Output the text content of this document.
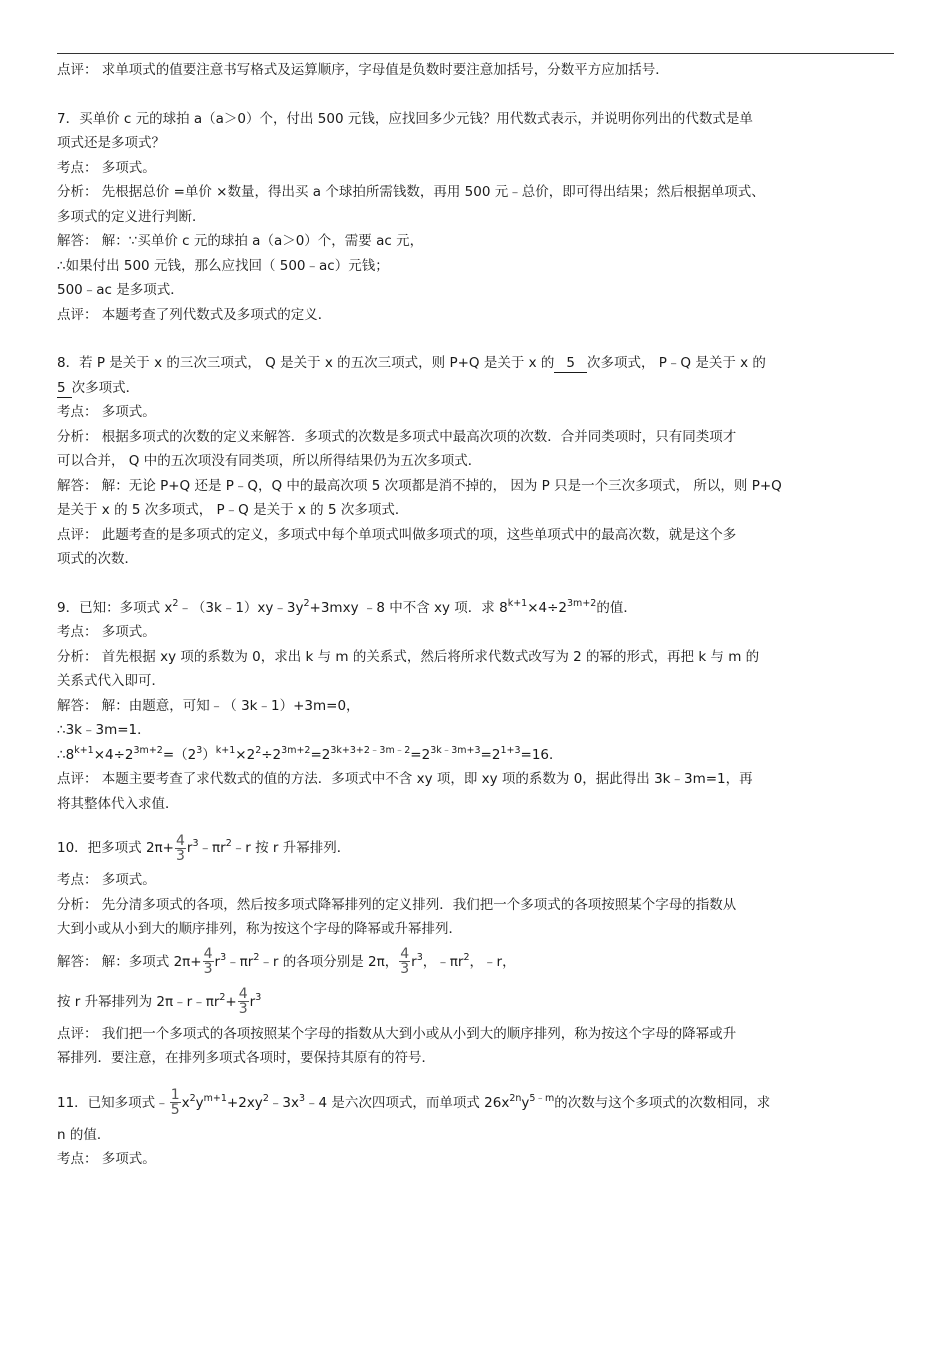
点评： 求单项式的值要注意书写格式及运算顺序，字母值是负数时要注意加括号，分数平方应加括号．
7．买单价 c 元的球拍 a（a＞0）个，付出 500 元钱，应找回多少元钱？用代数式表示，并说明你列出的代数式是单
项式还是多项式？
考点： 多项式。
分析： 先根据总价 =单价 ×数量，得出买 a 个球拍所需钱数，再用 500 元﹣总价，即可得出结果；然后根据单项式、
多项式的定义进行判断．
解答： 解：∵买单价 c 元的球拍 a（a＞0）个，需要 ac 元，
∴如果付出 500 元钱，那么应找回（ 500﹣ac）元钱；
500﹣ac 是多项式．
点评： 本题考查了列代数式及多项式的定义．
8．若 P 是关于 x 的三次三项式， Q 是关于 x 的五次三项式，则 P+Q 是关于 x 的 5 次多项式， P﹣Q 是关于 x 的
5 次多项式．
考点： 多项式。
分析： 根据多项式的次数的定义来解答．多项式的次数是多项式中最高次项的次数．合并同类项时，只有同类项才
可以合并， Q 中的五次项没有同类项，所以所得结果仍为五次多项式．
解答： 解：无论 P+Q 还是 P﹣Q，Q 中的最高次项 5 次项都是消不掉的， 因为 P 只是一个三次多项式， 所以，则 P+Q
是关于 x 的 5 次多项式， P﹣Q 是关于 x 的 5 次多项式．
点评： 此题考查的是多项式的定义，多项式中每个单项式叫做多项式的项，这些单项式中的最高次数，就是这个多
项式的次数．
9．已知：多项式 $x^2﹣(3k﹣1)xy﹣3y^2+3mxy$ ﹣8 中不含 xy 项．求 $8^{k+1}\times 4\div 2^{3m+2}$的值．
考点： 多项式。
分析： 首先根据 xy 项的系数为 0，求出 k 与 m 的关系式，然后将所求代数式改写为 2 的幂的形式，再把 k 与 m 的
关系式代入即可．
解答： 解：由题意，可知﹣（ 3k﹣1）+3m=0，
∴3k﹣3m=1．
$\therefore 8^{k+1}\times 4\div 2^{3m+2}=(2^3)^{k+1}\times 2^2\div 2^{3m+2}=2^{3k+3+2﹣3m﹣2}=2^{3k﹣3m+3}=2^{1+3}=16$．
点评： 本题主要考查了求代数式的值的方法．多项式中不含 xy 项，即 xy 项的系数为 0，据此得出 3k﹣3m=1，再
将其整体代入求值．
10．把多项式 $2\pi+ \frac{4}{3}$ $r^3﹣\pi r^2﹣r$ 按 r 升幂排列．
考点： 多项式。
分析： 先分清多项式的各项，然后按多项式降幂排列的定义排列．我们把一个多项式的各项按照某个字母的指数从
大到小或从小到大的顺序排列，称为按这个字母的降幂或升幂排列．
解答： 解：多项式 $2\pi+ \frac{4}{3}$ $r^3﹣\pi r^2﹣r$ 的各项分别是 2π， $\frac{4}{3} r^3$，$﹣\pi r^2$，﹣r，
按 r 升幂排列为 $2\pi﹣r﹣\pi r^2+ \frac{4}{3} r^3$
点评： 我们把一个多项式的各项按照某个字母的指数从大到小或从小到大的顺序排列，称为按这个字母的降幂或升
幂排列．要注意，在排列多项式各项时，要保持其原有的符号．
11．已知多项式﹣ $\frac{1}{5}$ $x^2y^{m+1}+2xy^2﹣3x^3﹣4$ 是六次四项式，而单项式 $26x^{2n}y^{5﹣m}$的次数与这个多项式的次数相同，求
n 的值．
考点： 多项式。
